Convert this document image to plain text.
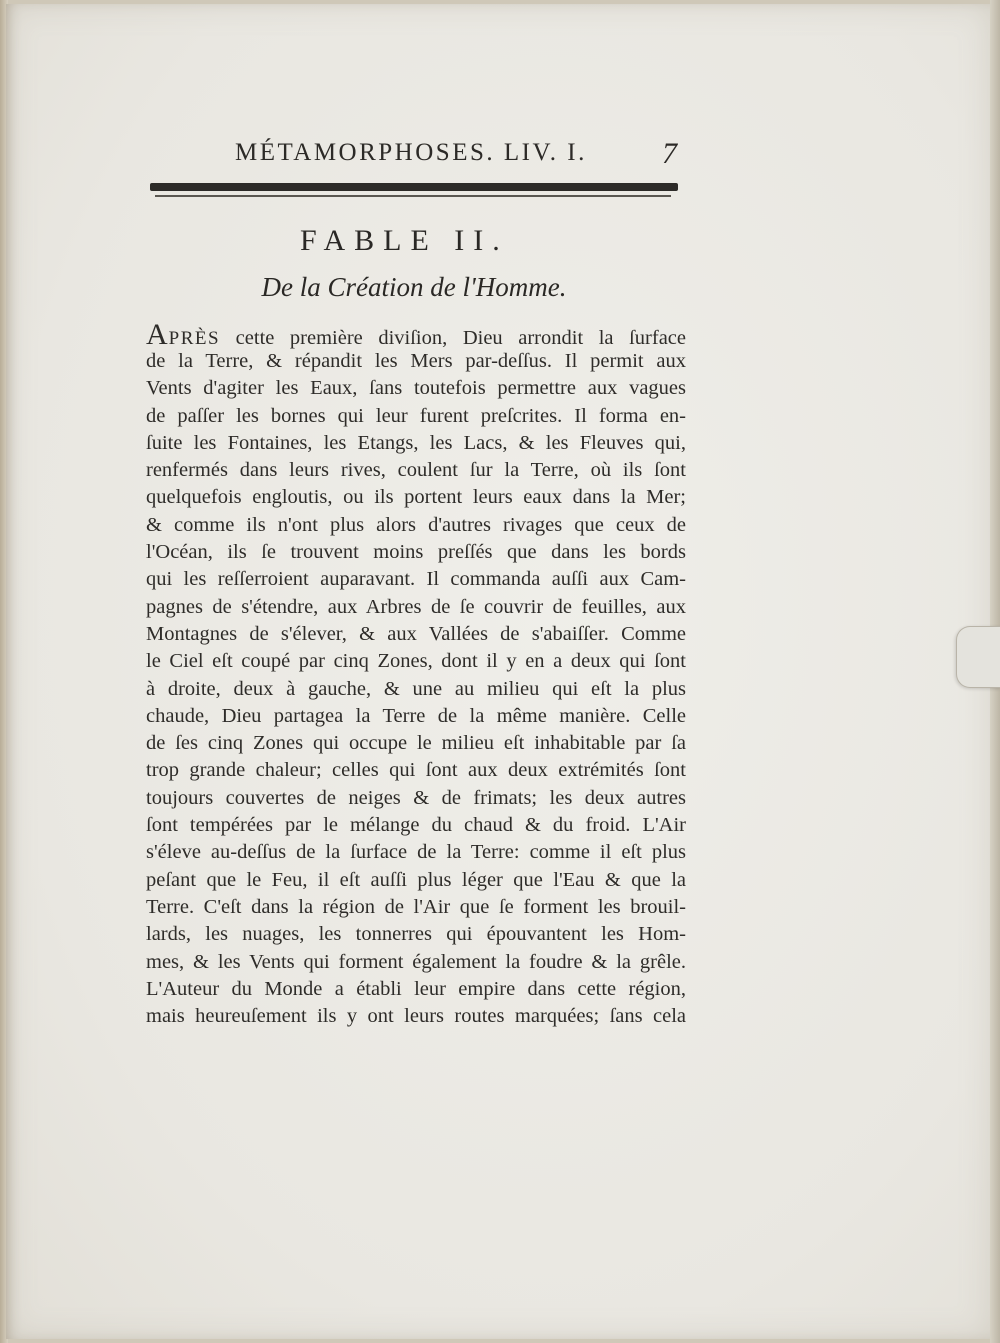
MÉTAMORPHOSES. LIV. I.	7
FABLE II.
De la Création de l'Homme.
APRÈS cette première diviſion, Dieu arrondit la ſurface
de la Terre, & répandit les Mers par-deſſus. Il permit aux
Vents d'agiter les Eaux, ſans toutefois permettre aux vagues
de paſſer les bornes qui leur furent preſcrites. Il forma en-
ſuite les Fontaines, les Etangs, les Lacs, & les Fleuves qui,
renfermés dans leurs rives, coulent ſur la Terre, où ils ſont
quelquefois engloutis, ou ils portent leurs eaux dans la Mer;
& comme ils n'ont plus alors d'autres rivages que ceux de
l'Océan, ils ſe trouvent moins preſſés que dans les bords
qui les reſſerroient auparavant. Il commanda auſſi aux Cam-
pagnes de s'étendre, aux Arbres de ſe couvrir de feuilles, aux
Montagnes de s'élever, & aux Vallées de s'abaiſſer. Comme
le Ciel eſt coupé par cinq Zones, dont il y en a deux qui ſont
à droite, deux à gauche, & une au milieu qui eſt la plus
chaude, Dieu partagea la Terre de la même manière. Celle
de ſes cinq Zones qui occupe le milieu eſt inhabitable par ſa
trop grande chaleur; celles qui ſont aux deux extrémités ſont
toujours couvertes de neiges & de frimats; les deux autres
ſont tempérées par le mélange du chaud & du froid. L'Air
s'éleve au-deſſus de la ſurface de la Terre: comme il eſt plus
peſant que le Feu, il eſt auſſi plus léger que l'Eau & que la
Terre. C'eſt dans la région de l'Air que ſe forment les brouil-
lards, les nuages, les tonnerres qui épouvantent les Hom-
mes, & les Vents qui forment également la foudre & la grêle.
L'Auteur du Monde a établi leur empire dans cette région,
mais heureuſement ils y ont leurs routes marquées; ſans cela
